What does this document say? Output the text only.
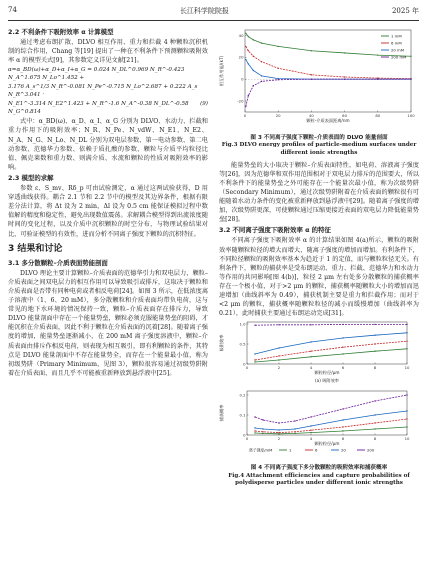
74	长江科学院院报	2025 年
2.2 不利条件下吸附效率 α 计算模型
通过考虑布朗扩散、DLVO 相互作用、重力和拦截 4 种颗粒沉积机制的综合作用，Chang 等[19] 提出了一种在不利条件下预测颗粒吸附效率 α 的模型关式[9]，其参数定义详见文献[21]。
α=α_BD(ω)+α_D+α_I+α_G = 0.024 N_DL^0.969 N_R^-0.423 N_A^1.675 N_Lo^1.452 +
3.176 A_s^1/3 N_R^-0.081 N_Pe^-0.715 N_Lo^2.687 + 0.222 A_s N_R^3.041 ·
N_E1^-3.314 N_E2^1.423 + N_R^-1.6 N_A^-0.38 N_DL^-0.58 N_G^0.814
(9)
式中：α_BD(ω)、α_D、α_I、α_G 分别为 DLVO、水动力、拦截和重力作用下的吸附效率；N_R、N_Pe、N_vdW、N_E1、N_E2、N_A、N_G、N_Lo、N_DL 分别为双电层参数、第一电动参数、第二电动参数、范德华力参数、依赖于质扎酸的参数、颗粒与介质平均粒径比值、佩克莱数和重力数、则满介质、水流和颗粒的性质对吸附效率的影响。
2.3 模型的求解
参数 ε、S_mv、Rδ_p 可由试验测定，α 通过这两试验获得，D 用穿透曲线获得。耦合 2.1 节和 2.2 节中的模型及其边界条件，根据有限差分法计算，将 Δt 设为 2 min，Δl 设为 0.5 cm 能保证模拟过程中数值解的精度和稳定性，避免出现数值震荡。求解耦合模型得到出流浓度随时间的变化过程，以及介质中沉积颗粒的时空分布，与物理试验结果对比，可验证模型的有效性，进而分析不同离子强度下颗粒的沉积特征。
3 结果和讨论
3.1 多分散颗粒–介质表面势能剖面
DLVO 理论主要计算颗粒–介质表面的范德华引力和双电层力，颗粒–介质表面之间双电层力的相互作用可以导致吸引或排斥，这取决于颗粒和介质表面是否带有同种电荷或者相反电荷[24]。如图 3 所示，在低浓度离子溶液中（1、6、20 mM），多分散颗粒和介质表面均带负电荷，这与常见的地下水环境的情况保持一致，颗粒–介质表面存在排斥力，导致 DLVO 能量剖面中存在一个能量势垒，颗粒必须克服能量势垒的阻碍，才能沉积在介质表面，因此不利于颗粒在介质表面的沉着[28]。随着离子强度的增加，能量势垒逐渐减小，在 200 mM 离子强度溶液中，颗粒–介质表面由排斥作相反电荷，则表现为相互吸引，即有利颗粒的条件，其特点是 DLVO 能量剖面中不存在能量势全，而存在一个能量最小值，称为初级势阱（Primary Minimum，见图 3），颗粒很容易通过初级势阱附着在介质表面，而且几乎不可能被重新释放到悬浮液中[25]。
0	20	40	60	80	100
40
20
0
-20
颗粒-介质表面距离/nm
相互作用能/(kT)
1 mM
6 mM
20 mM
200 mM
图 3 不同离子强度下颗粒–介质表面的 DLVO 能量剖面
Fig.3 DLVO energy profiles of particle-medium surfaces under different ionic strengths
能量势垒的大小取决于颗粒–介质表面特性，如电荷、溶液离子强度等[26]，因为范德华和双作用范围相对于双电层力排斥的范围要大，所以不利条件下的能量势垒之外可能存在一个能量次最小值，称为次级势阱（Secondary Minimum），通过次级势阱附着在介质表面的颗粒很有可能随着水动力条件的变化被重新释放到悬浮液中[29]。随着离子强度的增加，次级势阱更深，可使颗粒通过压缩更接近表面的双电层力降低能量势垒[28]。
3.2 不同离子强度下吸附效率 α 的特征
不同离子强度下吸附效率 α 的计算结果如图 4(a)所示，颗粒的吸附效率随颗粒粒径的增大而增大，随离子强度的增加而增加。有利条件下，不同粒径颗粒的吸附效率基本为趋近于 1 的定值，而与颗粒粒径无关。有利条件下，颗粒的捕获率是受布朗运动、重力、拦截、范德华力和水动力等作用的共同影响[图 4(b)]，粒径 2 μm 左右处多分散颗粒的捕获概率存在一个极小值，对于>2 μm 的颗粒，捕获概率随颗粒大小的增加而迅速增加（曲线斜率为 0.49），捕获机制主要是重力和拦截作用；而对于<2 μm 的颗粒，捕获概率随颗粒粒径的减小而缓慢增加（曲线斜率为 0.21），此时捕获主要通过布朗运动完成[31]。
0	2	4	6	8	10
1.0
0.5
0
颗粒粒径/μm
吸附效率
(a) 吸附效率

0	2	4	6	8	10
0.2
0.1
0
颗粒粒径/μm
捕获概率
离子强度/mM	1	6	20	200
图 4 不同离子强度下多分散颗粒的吸附效率和捕获概率
Fig.4 Attachment efficiencies and capture probabilities of polydisperse particles under different ionic strengths
